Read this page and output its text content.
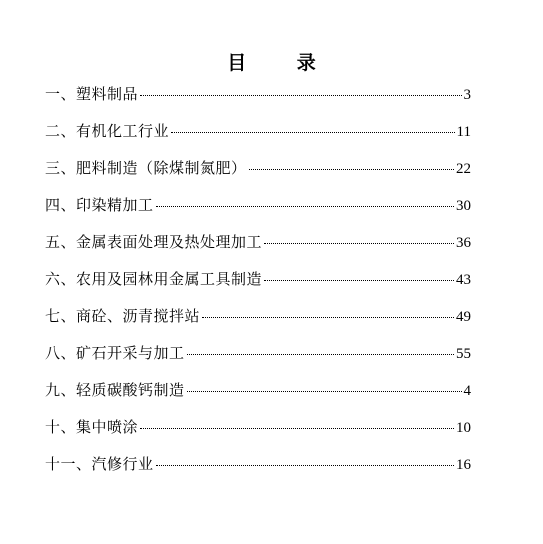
目 录
一、塑料制品	3
二、有机化工行业	11
三、肥料制造（除煤制氮肥）	22
四、印染精加工	30
五、金属表面处理及热处理加工	36
六、农用及园林用金属工具制造	43
七、商砼、沥青搅拌站	49
八、矿石开采与加工	55
九、轻质碳酸钙制造	4
十、集中喷涂	10
十一、汽修行业	16
